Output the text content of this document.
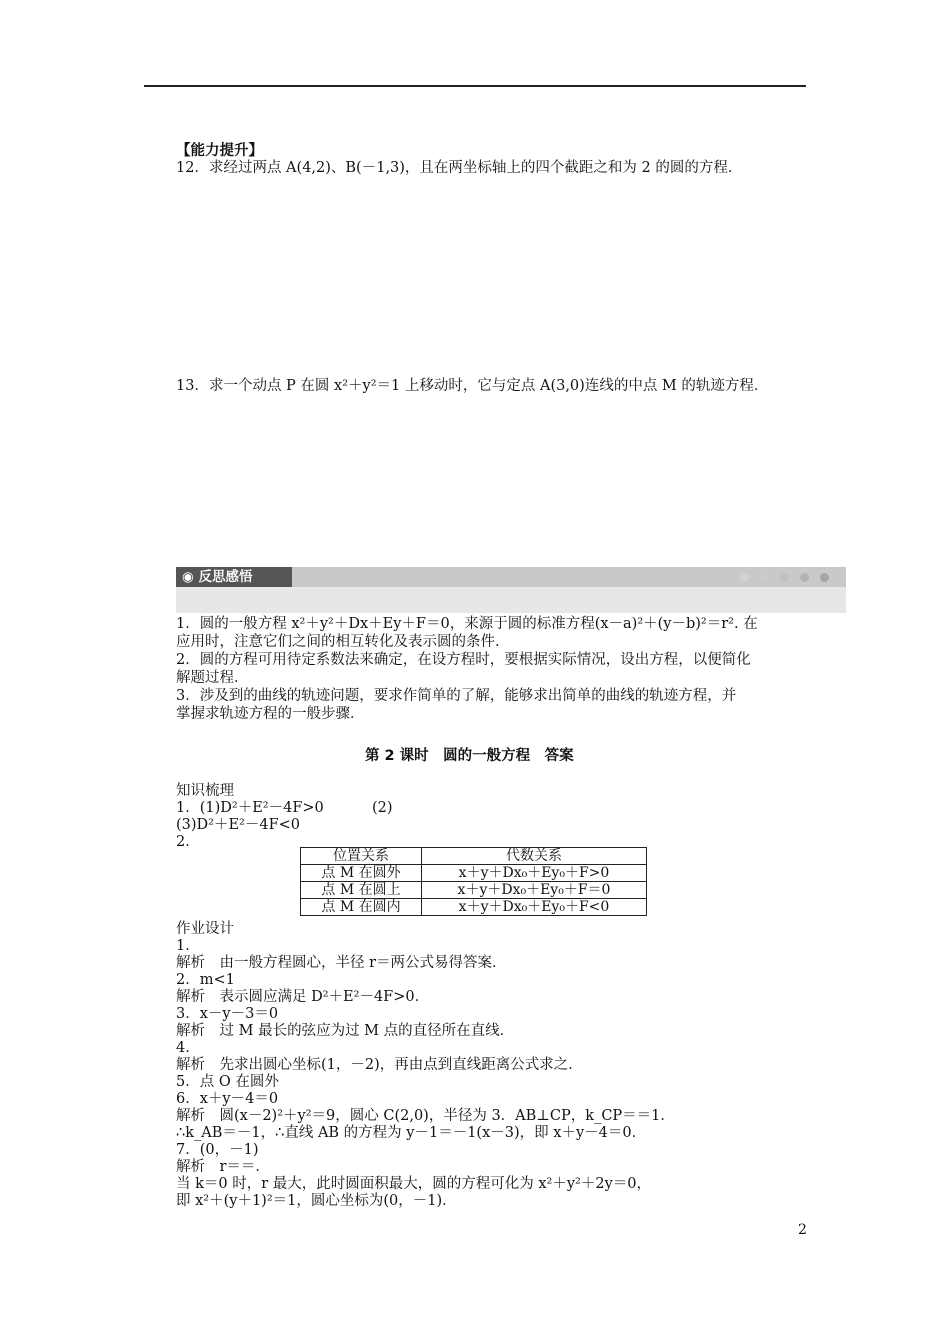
【能力提升】
12．求经过两点 A(4,2)、B(－1,3)，且在两坐标轴上的四个截距之和为 2 的圆的方程．
13．求一个动点 P 在圆 x²＋y²＝1 上移动时，它与定点 A(3,0)连线的中点 M 的轨迹方程．
◉ 反思感悟
1．圆的一般方程 x²＋y²＋Dx＋Ey＋F＝0，来源于圆的标准方程(x－a)²＋(y－b)²＝r². 在
应用时，注意它们之间的相互转化及表示圆的条件．
2．圆的方程可用待定系数法来确定，在设方程时，要根据实际情况，设出方程，以便简化
解题过程．
3．涉及到的曲线的轨迹问题，要求作简单的了解，能够求出简单的曲线的轨迹方程，并
掌握求轨迹方程的一般步骤．
第 2 课时　圆的一般方程　答案
知识梳理
1．(1)D²＋E²－4F>0	(2)
(3)D²＋E²－4F<0
2．
位置关系	代数关系
点 M 在圆外	x＋y＋Dx₀＋Ey₀＋F>0
点 M 在圆上	x＋y＋Dx₀＋Ey₀＋F＝0
点 M 在圆内	x＋y＋Dx₀＋Ey₀＋F<0
作业设计
1．
解析　由一般方程圆心，半径 r＝两公式易得答案．
2．m<1
解析　表示圆应满足 D²＋E²－4F>0．
3．x－y－3＝0
解析　过 M 最长的弦应为过 M 点的直径所在直线．
4．
解析　先求出圆心坐标(1，－2)，再由点到直线距离公式求之．
5．点 O 在圆外
6．x＋y－4＝0
解析　圆(x－2)²＋y²＝9，圆心 C(2,0)，半径为 3．AB⊥CP，k_CP＝＝1．
∴k_AB＝－1，∴直线 AB 的方程为 y－1＝－1(x－3)，即 x＋y－4＝0．
7．(0，－1)
解析　r＝＝．
当 k＝0 时，r 最大，此时圆面积最大，圆的方程可化为 x²＋y²＋2y＝0，
即 x²＋(y＋1)²＝1，圆心坐标为(0，－1)．
2
